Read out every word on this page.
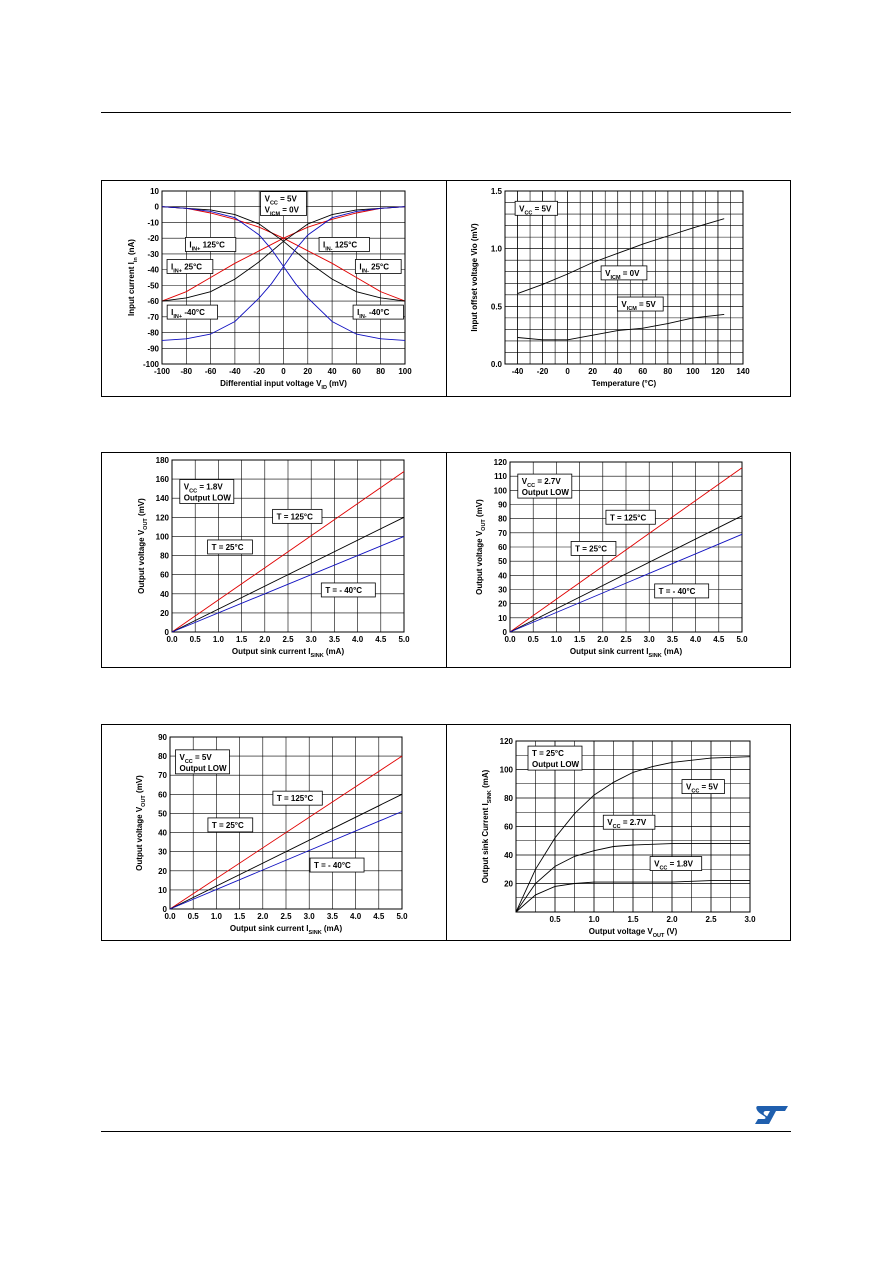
-100 -80 -60 -40 -20 0 20 40 60 80 100
10
0
-10
-20
-30
-40
-50
-60
-70
-80
-90
-100
Differential input voltage $V_{ID}$ (mV)
Input current $I_{in}$ (nA)
$V_{CC} = 5V$
$V_{ICM} = 0V$
$I_{IN+}$ 125°C	$I_{IN-}$ 125°C
$I_{IN+}$ 25°C	$I_{IN-}$ 25°C
$I_{IN+}$ -40°C	$I_{IN-}$ -40°C
-40 -20 0 20 40 60 80 100 120 140
0.0
0.5
1.0
1.5
Temperature (°C)
Input offset voltage Vio (mV)
$V_{CC} = 5V$
$V_{ICM} = 0V$
$V_{ICM} = 5V$
0.0 0.5 1.0 1.5 2.0 2.5 3.0 3.5 4.0 4.5 5.0
0
20
40
60
80
100
120
140
160
180
Output sink current $I_{SINK}$ (mA)
Output voltage $V_{OUT}$ (mV)
$V_{CC} = 1.8V$
Output LOW
T = 125°C
T = 25°C
T = - 40°C
0.0 0.5 1.0 1.5 2.0 2.5 3.0 3.5 4.0 4.5 5.0
0
10
20
30
40
50
60
70
80
90
100
110
120
Output sink current $I_{SINK}$ (mA)
Output voltage $V_{OUT}$ (mV)
$V_{CC} = 2.7V$
Output LOW
T = 125°C
T = 25°C
T = - 40°C
0.0 0.5 1.0 1.5 2.0 2.5 3.0 3.5 4.0 4.5 5.0
0
10
20
30
40
50
60
70
80
90
Output sink current $I_{SINK}$ (mA)
Output voltage $V_{OUT}$ (mV)
$V_{CC} = 5V$
Output LOW
T = 125°C
T = 25°C
T = - 40°C
0.5	1.0	1.5	2.0	2.5	3.0
20
40
60
80
100
120
Output voltage $V_{OUT}$ (V)
Output sink Current $I_{SINK}$ (mA)
T = 25°C
Output LOW
$V_{CC} = 5V$
$V_{CC} = 2.7V$
$V_{CC} = 1.8V$
